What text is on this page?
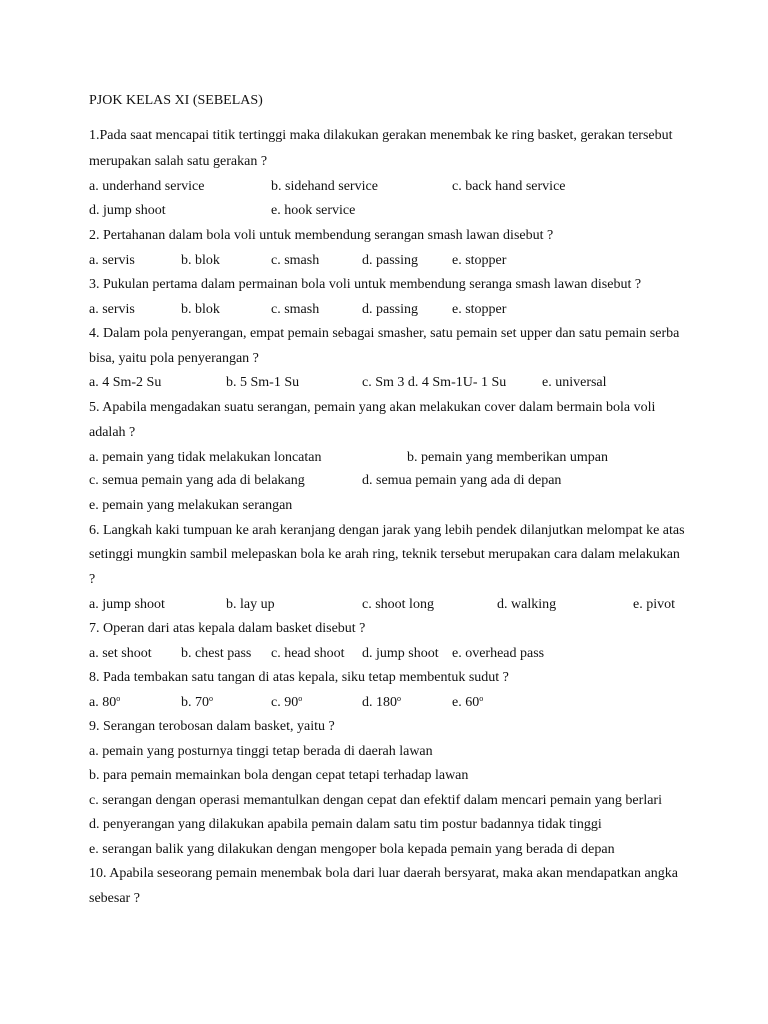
PJOK KELAS XI (SEBELAS)
1.Pada saat mencapai titik tertinggi maka dilakukan gerakan menembak ke ring basket, gerakan tersebut
merupakan salah satu gerakan ?
a. underhand service	b. sidehand service	c. back hand service
d. jump shoot	e. hook service
2. Pertahanan dalam bola voli untuk membendung serangan smash lawan disebut ?
a. servis	b. blok	c. smash	d. passing e. stopper
3. Pukulan pertama dalam permainan bola voli untuk membendung seranga smash lawan disebut ?
a. servis	b. blok	c. smash	d. passing e. stopper
4. Dalam pola penyerangan, empat pemain sebagai smasher, satu pemain set upper dan satu pemain serba
bisa, yaitu pola penyerangan ?
a. 4 Sm-2 Su	b. 5 Sm-1 Su	c. Sm 3 d. 4 Sm-1U- 1 Su	e. universal
5. Apabila mengadakan suatu serangan, pemain yang akan melakukan cover dalam bermain bola voli
adalah ?
a. pemain yang tidak melakukan loncatan	b. pemain yang memberikan umpan
c. semua pemain yang ada di belakang	d. semua pemain yang ada di depan
e. pemain yang melakukan serangan
6. Langkah kaki tumpuan ke arah keranjang dengan jarak yang lebih pendek dilanjutkan melompat ke atas
setinggi mungkin sambil melepaskan bola ke arah ring, teknik tersebut merupakan cara dalam melakukan
?
a. jump shoot	b. lay up	c. shoot long	d. walking	e. pivot
7. Operan dari atas kepala dalam basket disebut ?
a. set shoot b. chest pass c. head shoot d. jump shoot e. overhead pass
8. Pada tembakan satu tangan di atas kepala, siku tetap membentuk sudut ?
a. 80$^o$	b. 70$^o$	c. 90$^o$	d. 180$^o$	e. 60$^o$
9. Serangan terobosan dalam basket, yaitu ?
a. pemain yang posturnya tinggi tetap berada di daerah lawan
b. para pemain memainkan bola dengan cepat tetapi terhadap lawan
c. serangan dengan operasi memantulkan dengan cepat dan efektif dalam mencari pemain yang berlari
d. penyerangan yang dilakukan apabila pemain dalam satu tim postur badannya tidak tinggi
e. serangan balik yang dilakukan dengan mengoper bola kepada pemain yang berada di depan
10. Apabila seseorang pemain menembak bola dari luar daerah bersyarat, maka akan mendapatkan angka
sebesar ?
